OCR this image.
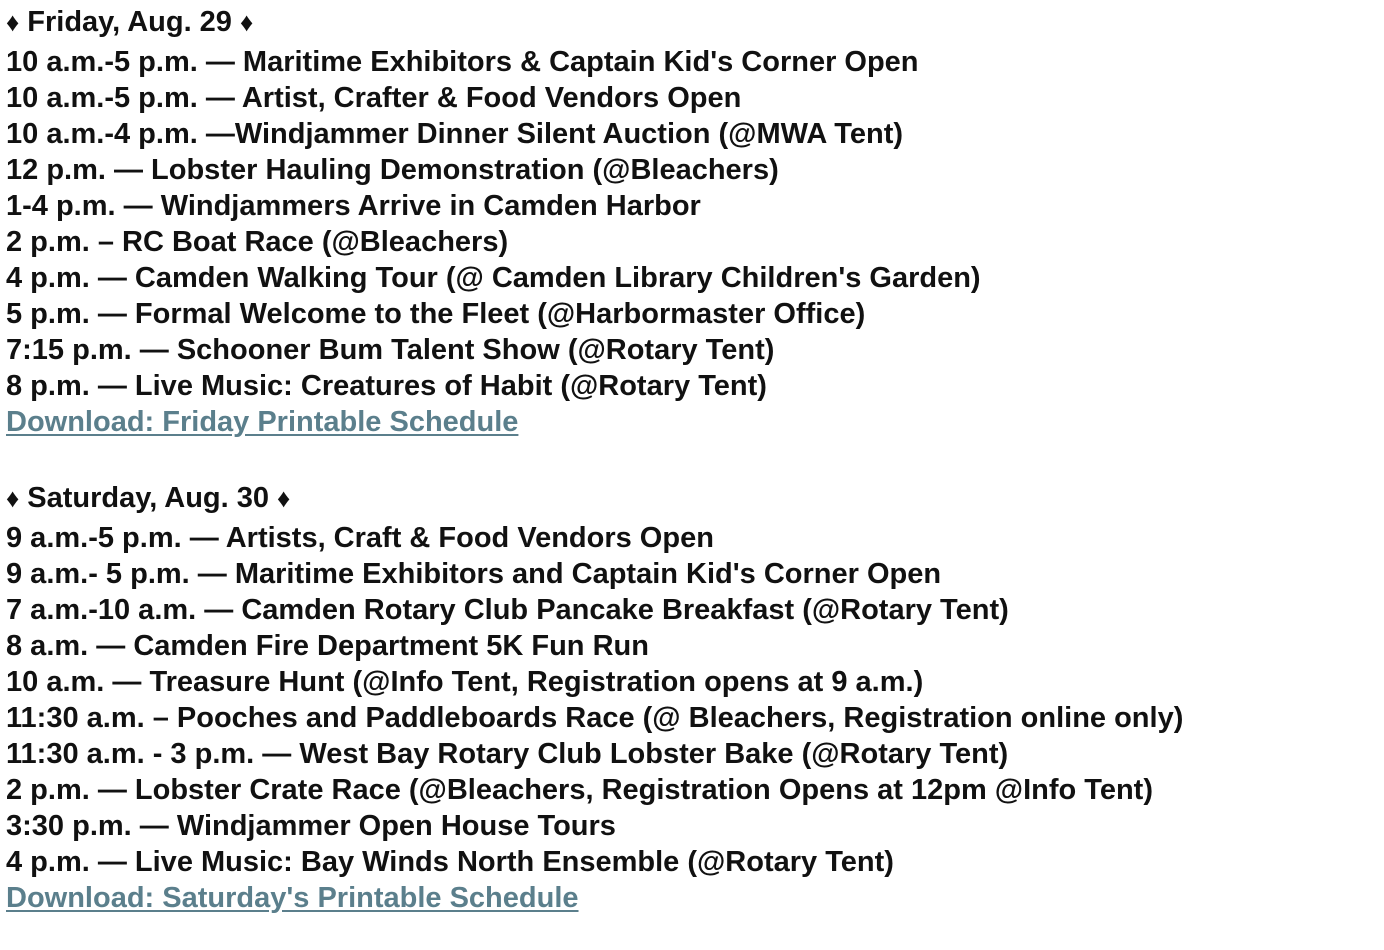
♦ Friday, Aug. 29 ♦
10 a.m.-5 p.m. — Maritime Exhibitors & Captain Kid's Corner Open
10 a.m.-5 p.m. — Artist, Crafter & Food Vendors Open
10 a.m.-4 p.m. —Windjammer Dinner Silent Auction (@MWA Tent)
12 p.m. — Lobster Hauling Demonstration (@Bleachers)
1-4 p.m. — Windjammers Arrive in Camden Harbor
2 p.m. – RC Boat Race (@Bleachers)
4 p.m. — Camden Walking Tour (@ Camden Library Children's Garden)
5 p.m. — Formal Welcome to the Fleet (@Harbormaster Office)
7:15 p.m. — Schooner Bum Talent Show (@Rotary Tent)
8 p.m. — Live Music: Creatures of Habit (@Rotary Tent)
Download: Friday Printable Schedule
♦ Saturday, Aug. 30 ♦
9 a.m.-5 p.m. — Artists, Craft & Food Vendors Open
9 a.m.- 5 p.m. — Maritime Exhibitors and Captain Kid's Corner Open
7 a.m.-10 a.m. — Camden Rotary Club Pancake Breakfast (@Rotary Tent)
8 a.m. — Camden Fire Department 5K Fun Run
10 a.m. — Treasure Hunt (@Info Tent, Registration opens at 9 a.m.)
11:30 a.m. – Pooches and Paddleboards Race (@ Bleachers, Registration online only)
11:30 a.m. - 3 p.m. — West Bay Rotary Club Lobster Bake (@Rotary Tent)
2 p.m. — Lobster Crate Race (@Bleachers, Registration Opens at 12pm @Info Tent)
3:30 p.m. — Windjammer Open House Tours
4 p.m. — Live Music: Bay Winds North Ensemble (@Rotary Tent)
Download: Saturday's Printable Schedule
